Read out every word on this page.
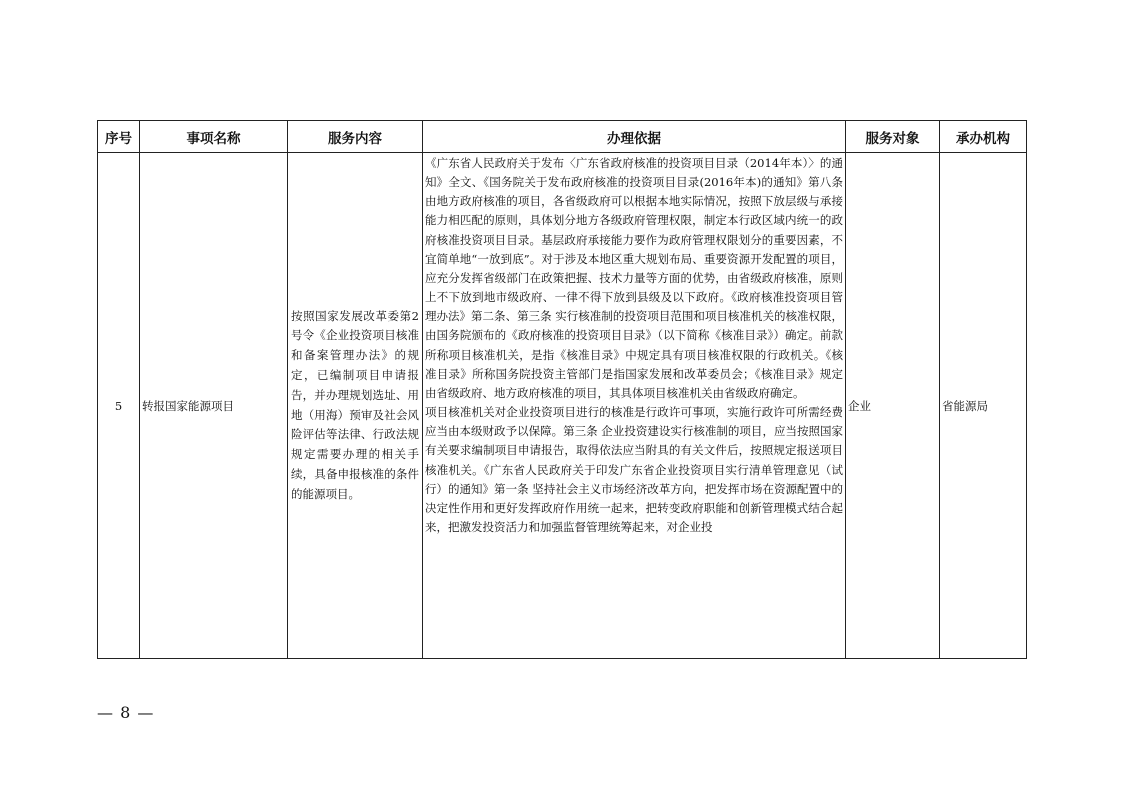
序号	事项名称	服务内容	办理依据	服务对象	承办机构
5	转报国家能源项目	按照国家发展改革委第2号令《企业投资项目核准和备案管理办法》的规定，已编制项目申请报告，并办理规划选址、用地（用海）预审及社会风险评估等法律、行政法规规定需要办理的相关手续，具备申报核准的条件的能源项目。	《广东省人民政府关于发布〈广东省政府核准的投资项目目录（2014年本）〉的通知》全文、《国务院关于发布政府核准的投资项目目录(2016年本)的通知》第八条 由地方政府核准的项目，各省级政府可以根据本地实际情况，按照下放层级与承接能力相匹配的原则，具体划分地方各级政府管理权限，制定本行政区域内统一的政府核准投资项目目录。基层政府承接能力要作为政府管理权限划分的重要因素，不宜简单地“一放到底”。对于涉及本地区重大规划布局、重要资源开发配置的项目，应充分发挥省级部门在政策把握、技术力量等方面的优势，由省级政府核准，原则上不下放到地市级政府、一律不得下放到县级及以下政府。《政府核准投资项目管理办法》第二条、第三条 实行核准制的投资项目范围和项目核准机关的核准权限，由国务院颁布的《政府核准的投资项目目录》（以下简称《核准目录》）确定。前款所称项目核准机关，是指《核准目录》中规定具有项目核准权限的行政机关。《核准目录》所称国务院投资主管部门是指国家发展和改革委员会；《核准目录》规定由省级政府、地方政府核准的项目，其具体项目核准机关由省级政府确定。
项目核准机关对企业投资项目进行的核准是行政许可事项，实施行政许可所需经费应当由本级财政予以保障。第三条 企业投资建设实行核准制的项目，应当按照国家有关要求编制项目申请报告，取得依法应当附具的有关文件后，按照规定报送项目核准机关。《广东省人民政府关于印发广东省企业投资项目实行清单管理意见（试行）的通知》第一条 坚持社会主义市场经济改革方向，把发挥市场在资源配置中的决定性作用和更好发挥政府作用统一起来，把转变政府职能和创新管理模式结合起来，把激发投资活力和加强监督管理统筹起来，对企业投	企业	省能源局
— 8 —
